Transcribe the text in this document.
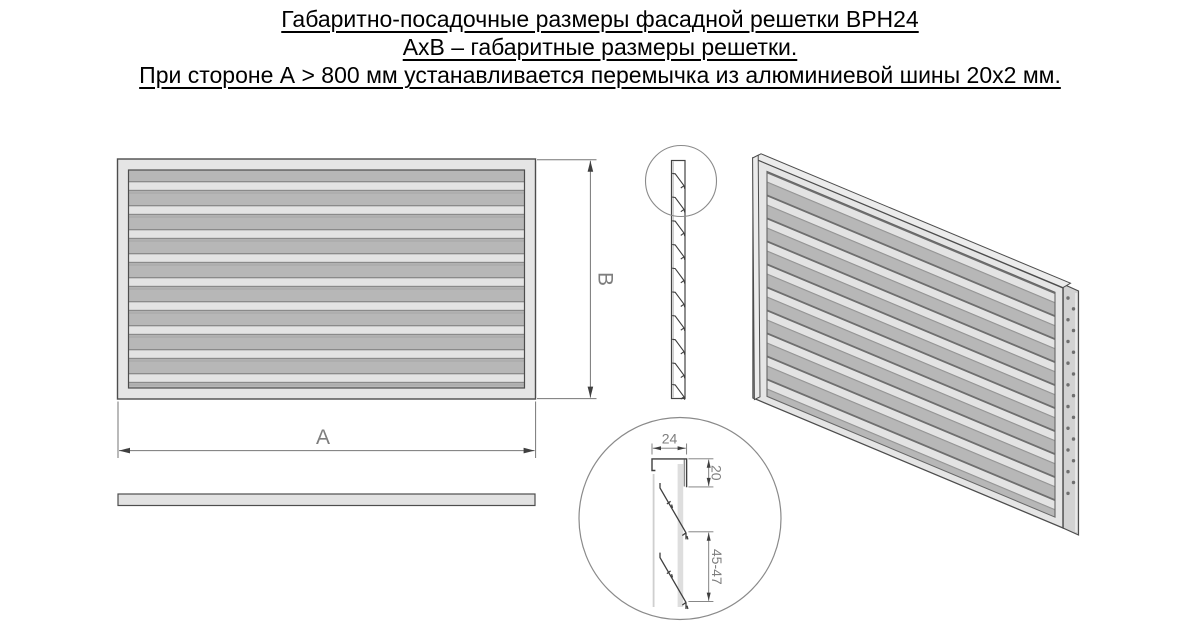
Габаритно-посадочные размеры фасадной решетки ВРН24
АхВ – габаритные размеры решетки.
При стороне А > 800 мм устанавливается перемычка из алюминиевой шины 20х2 мм.
A
B
24
20
45-47
